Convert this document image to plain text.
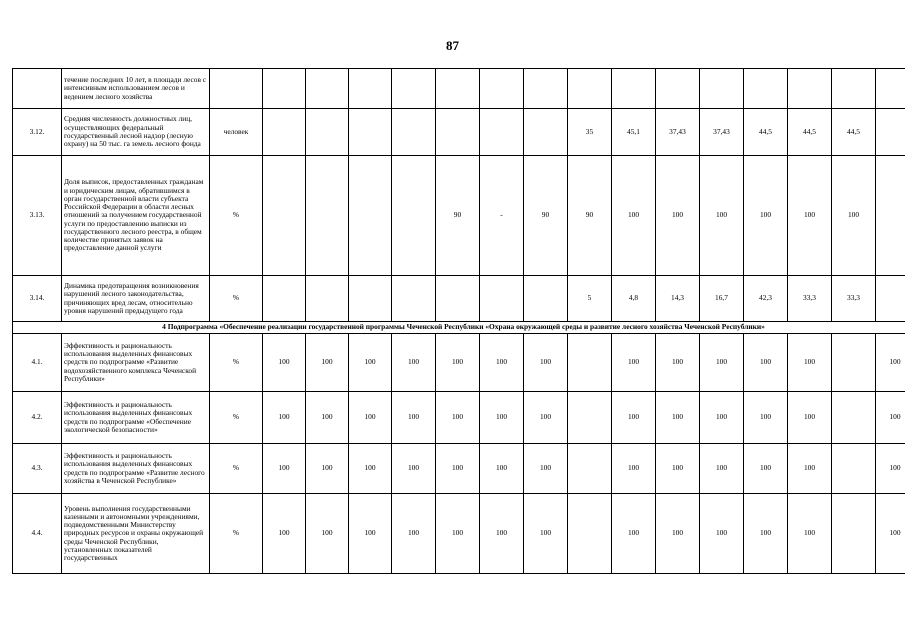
87
	течение последних 10 лет, в площади лесов с интенсивным использованием лесов и ведением лесного хозяйства																
3.12.	Средняя численность должностных лиц, осуществляющих федеральный государственный лесной надзор (лесную охрану) на 50 тыс. га земель лесного фонда	человек								35	45,1	37,43	37,43	44,5	44,5	44,5	
3.13.	Доля выписок, предоставленных гражданам и юридическим лицам, обратившимся в орган государственной власти субъекта Российской Федерации в области лесных отношений за получением государственной услуги по предоставлению выписки из государственного лесного реестра, в общем количестве принятых заявок на предоставление данной услуги	%					90	-	90	90	100	100	100	100	100	100	
3.14.	Динамика предотвращения возникновения нарушений лесного законодательства, причиняющих вред лесам, относительно уровня нарушений предыдущего года	%								5	4,8	14,3	16,7	42,3	33,3	33,3	
4 Подпрограмма «Обеспечение реализации государственной программы Чеченской Республики «Охрана окружающей среды и развитие лесного хозяйства Чеченской Республики»																	
4.1.	Эффективность и рациональность использования выделенных финансовых средств по подпрограмме «Развитие водохозяйственного комплекса Чеченской Республики»	%	100	100	100	100	100	100	100		100	100	100	100	100		100
4.2.	Эффективность и рациональность использования выделенных финансовых средств по подпрограмме «Обеспечение экологической безопасности»	%	100	100	100	100	100	100	100		100	100	100	100	100		100
4.3.	Эффективность и рациональность использования выделенных финансовых средств по подпрограмме «Развитие лесного хозяйства в Чеченской Республике»	%	100	100	100	100	100	100	100		100	100	100	100	100		100
4.4.	Уровень выполнения государственными казенными и автономными учреждениями, подведомственными Министерству природных ресурсов и охраны окружающей среды Чеченской Республики, установленных показателей государственных	%	100	100	100	100	100	100	100		100	100	100	100	100		100
